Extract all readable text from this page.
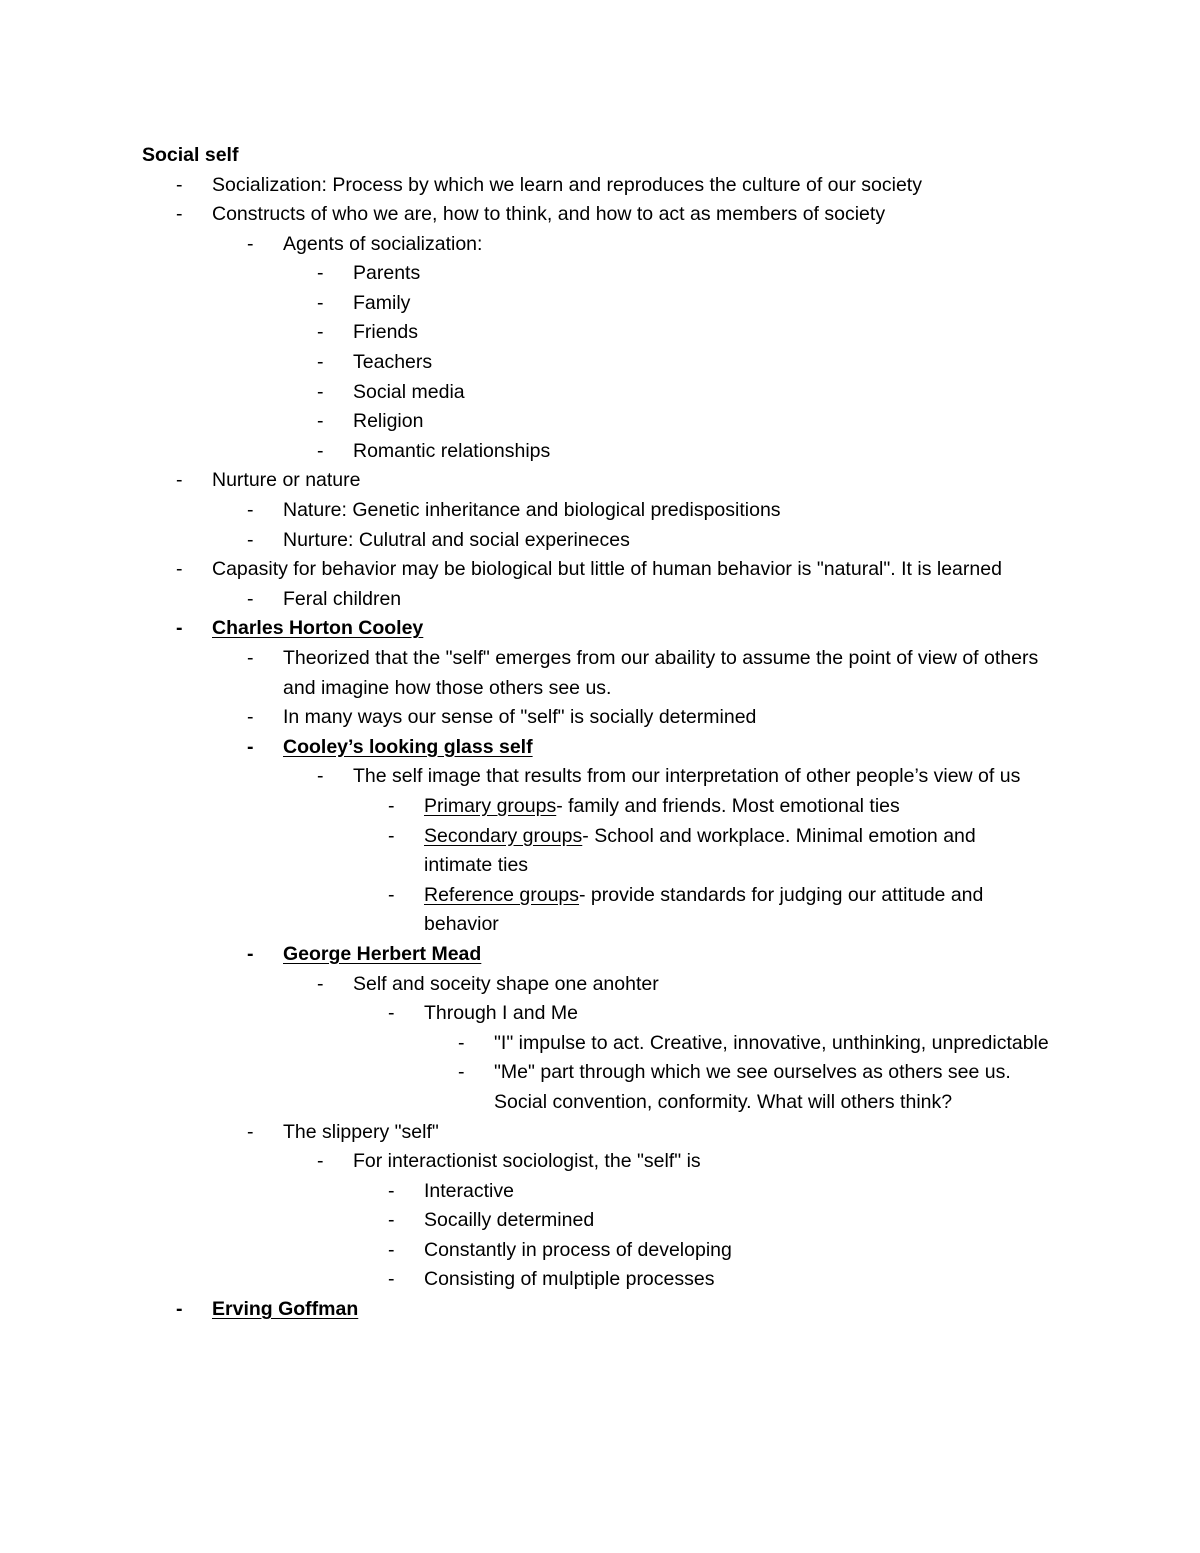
Social self
- Socialization: Process by which we learn and reproduces the culture of our society
- Constructs of who we are, how to think, and how to act as members of society
- Agents of socialization:
- Parents
- Family
- Friends
- Teachers
- Social media
- Religion
- Romantic relationships
- Nurture or nature
- Nature: Genetic inheritance and biological predispositions
- Nurture: Culutral and social experineces
- Capasity for behavior may be biological but little of human behavior is "natural". It is learned
- Feral children
- Charles Horton Cooley
- Theorized that the "self" emerges from our abaility to assume the point of view of others and imagine how those others see us.
- In many ways our sense of "self" is socially determined
- Cooley’s looking glass self
- The self image that results from our interpretation of other people’s view of us
- Primary groups- family and friends. Most emotional ties
- Secondary groups- School and workplace. Minimal emotion and intimate ties
- Reference groups- provide standards for judging our attitude and behavior
- George Herbert Mead
- Self and soceity shape one anohter
- Through I and Me
- "I" impulse to act. Creative, innovative, unthinking, unpredictable
- "Me" part through which we see ourselves as others see us. Social convention, conformity. What will others think?
- The slippery "self"
- For interactionist sociologist, the "self" is
- Interactive
- Socailly determined
- Constantly in process of developing
- Consisting of mulptiple processes
- Erving Goffman
